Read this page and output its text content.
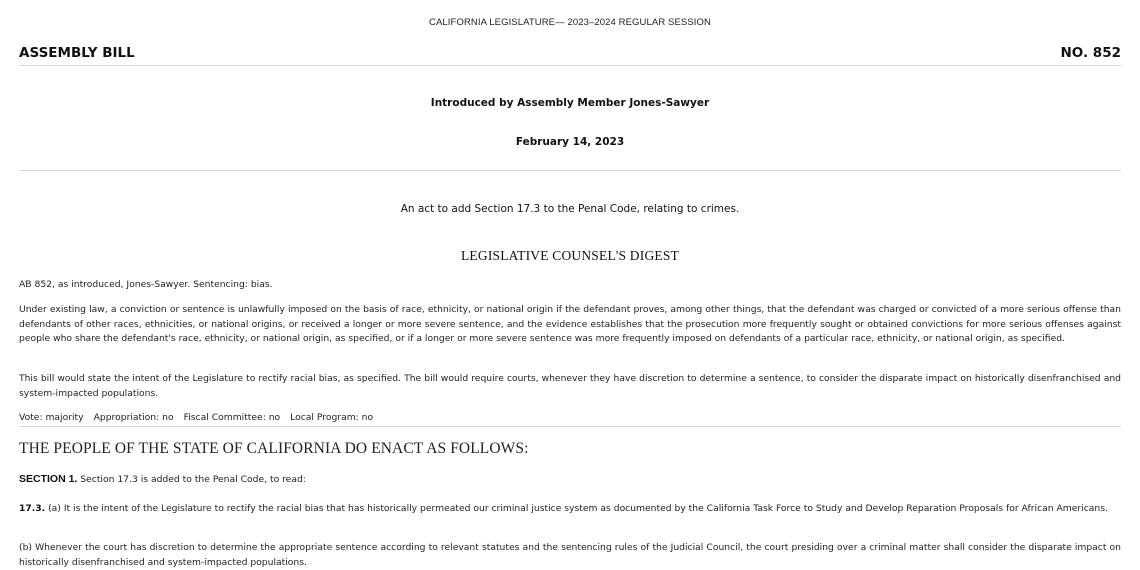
CALIFORNIA LEGISLATURE— 2023–2024 REGULAR SESSION
ASSEMBLY BILL	NO. 852
Introduced by Assembly Member Jones-Sawyer
February 14, 2023
An act to add Section 17.3 to the Penal Code, relating to crimes.
LEGISLATIVE COUNSEL'S DIGEST
AB 852, as introduced, Jones-Sawyer. Sentencing: bias.
Under existing law, a conviction or sentence is unlawfully imposed on the basis of race, ethnicity, or national origin if the defendant proves, among other things, that the defendant was charged or convicted of a more serious offense than defendants of other races, ethnicities, or national origins, or received a longer or more severe sentence, and the evidence establishes that the prosecution more frequently sought or obtained convictions for more serious offenses against people who share the defendant's race, ethnicity, or national origin, as specified, or if a longer or more severe sentence was more frequently imposed on defendants of a particular race, ethnicity, or national origin, as specified.
This bill would state the intent of the Legislature to rectify racial bias, as specified. The bill would require courts, whenever they have discretion to determine a sentence, to consider the disparate impact on historically disenfranchised and system-impacted populations.
Vote: majority Appropriation: no Fiscal Committee: no Local Program: no
THE PEOPLE OF THE STATE OF CALIFORNIA DO ENACT AS FOLLOWS:
SECTION 1. Section 17.3 is added to the Penal Code, to read:
17.3. (a) It is the intent of the Legislature to rectify the racial bias that has historically permeated our criminal justice system as documented by the California Task Force to Study and Develop Reparation Proposals for African Americans.
(b) Whenever the court has discretion to determine the appropriate sentence according to relevant statutes and the sentencing rules of the Judicial Council, the court presiding over a criminal matter shall consider the disparate impact on historically disenfranchised and system-impacted populations.
